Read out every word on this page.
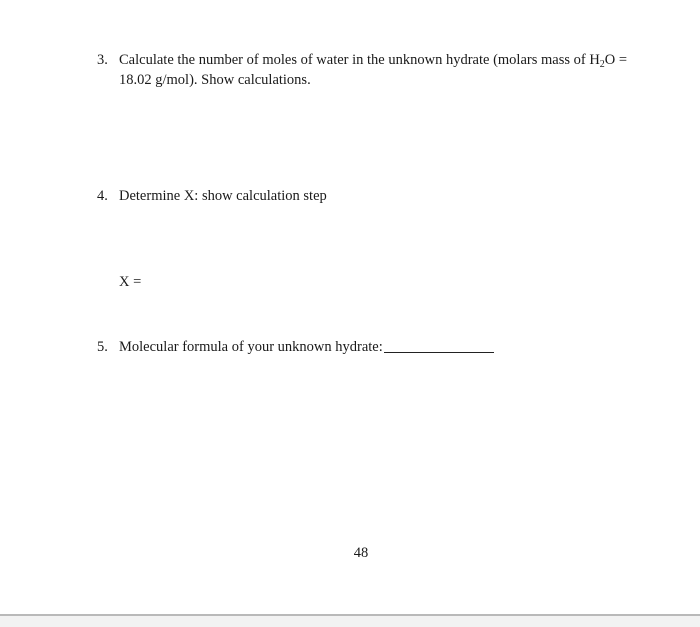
3. Calculate the number of moles of water in the unknown hydrate (molars mass of $H_2O$ =
18.02 g/mol). Show calculations.
4. Determine X: show calculation step
X =
5. Molecular formula of your unknown hydrate:
48
